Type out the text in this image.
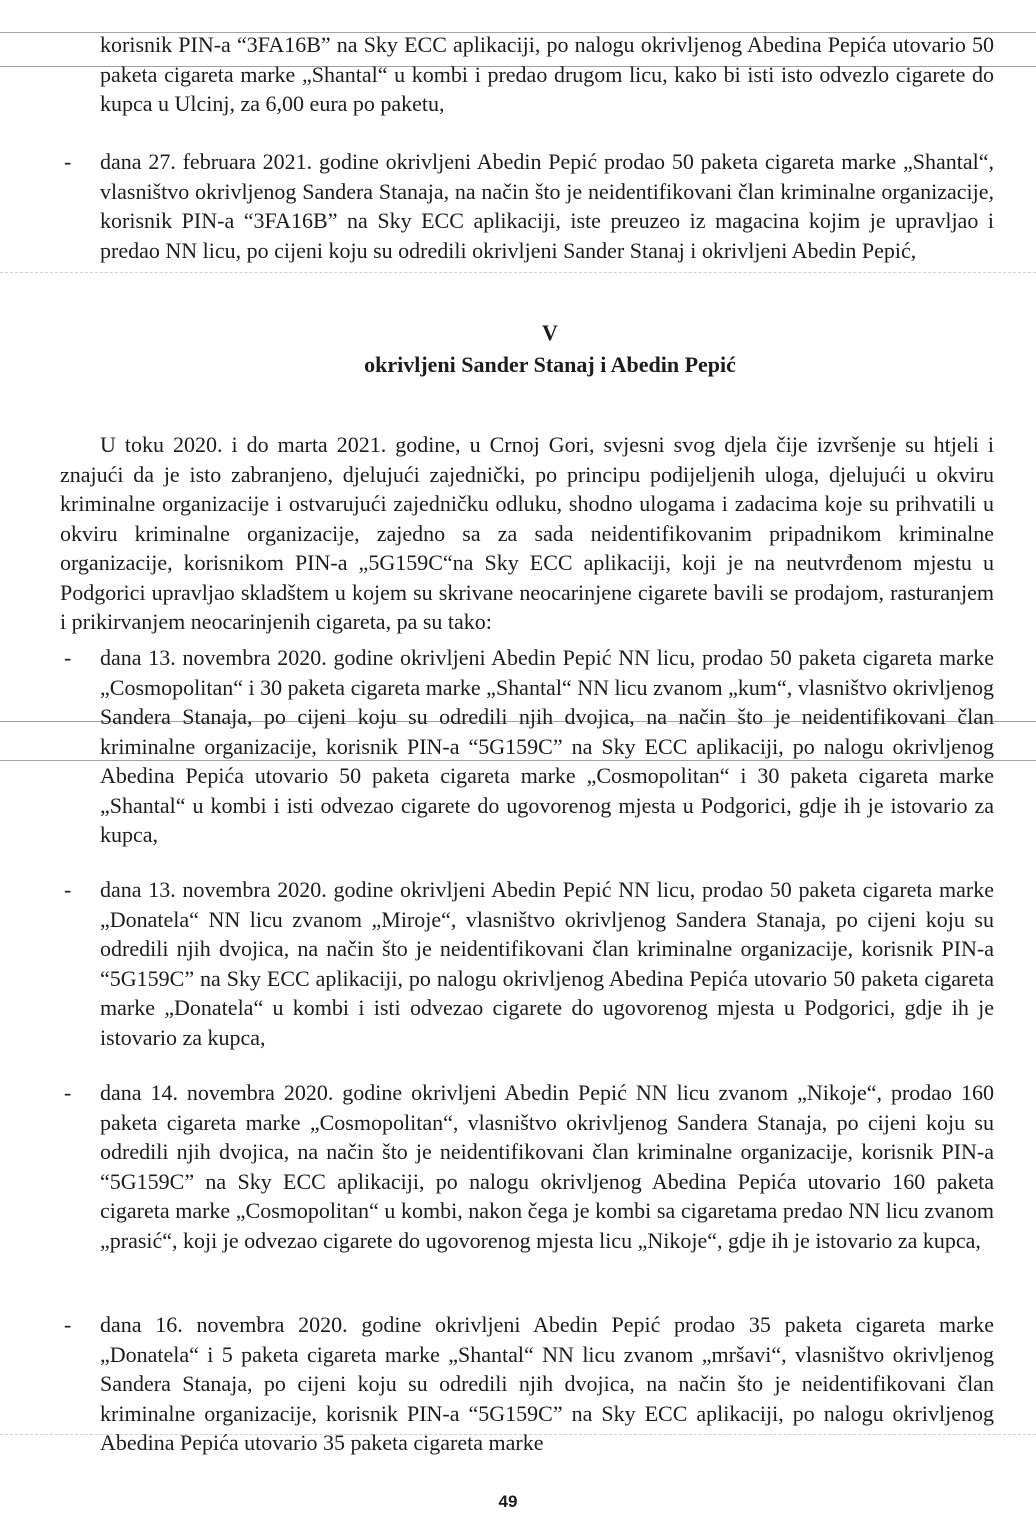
korisnik PIN-a “3FA16B” na Sky ECC aplikaciji, po nalogu okrivljenog Abedina Pepića utovario 50 paketa cigareta marke „Shantal“ u kombi i predao drugom licu, kako bi isti isto odvezlo cigarete do kupca u Ulcinj, za 6,00 eura po paketu,

- dana 27. februara 2021. godine okrivljeni Abedin Pepić prodao 50 paketa cigareta marke „Shantal“, vlasništvo okrivljenog Sandera Stanaja, na način što je neidentifikovani član kriminalne organizacije, korisnik PIN-a “3FA16B” na Sky ECC aplikaciji, iste preuzeo iz magacina kojim je upravljao i predao NN licu, po cijeni koju su odredili okrivljeni Sander Stanaj i okrivljeni Abedin Pepić,

V
okrivljeni Sander Stanaj i Abedin Pepić

U toku 2020. i do marta 2021. godine, u Crnoj Gori, svjesni svog djela čije izvršenje su htjeli i znajući da je isto zabranjeno, djelujući zajednički, po principu podijeljenih uloga, djelujući u okviru kriminalne organizacije i ostvarujući zajedničku odluku, shodno ulogama i zadacima koje su prihvatili u okviru kriminalne organizacije, zajedno sa za sada neidentifikovanim pripadnikom kriminalne organizacije, korisnikom PIN-a „5G159C“na Sky ECC aplikaciji, koji je na neutvrđenom mjestu u Podgorici upravljao skladštem u kojem su skrivane neocarinjene cigarete bavili se prodajom, rasturanjem i prikirvanjem neocarinjenih cigareta, pa su tako:

- dana 13. novembra 2020. godine okrivljeni Abedin Pepić NN licu, prodao 50 paketa cigareta marke „Cosmopolitan“ i 30 paketa cigareta marke „Shantal“ NN licu zvanom „kum“, vlasništvo okrivljenog Sandera Stanaja, po cijeni koju su odredili njih dvojica, na način što je neidentifikovani član kriminalne organizacije, korisnik PIN-a “5G159C” na Sky ECC aplikaciji, po nalogu okrivljenog Abedina Pepića utovario 50 paketa cigareta marke „Cosmopolitan“ i 30 paketa cigareta marke „Shantal“ u kombi i isti odvezao cigarete do ugovorenog mjesta u Podgorici, gdje ih je istovario za kupca,

- dana 13. novembra 2020. godine okrivljeni Abedin Pepić NN licu, prodao 50 paketa cigareta marke „Donatela“ NN licu zvanom „Miroje“, vlasništvo okrivljenog Sandera Stanaja, po cijeni koju su odredili njih dvojica, na način što je neidentifikovani član kriminalne organizacije, korisnik PIN-a “5G159C” na Sky ECC aplikaciji, po nalogu okrivljenog Abedina Pepića utovario 50 paketa cigareta marke „Donatela“ u kombi i isti odvezao cigarete do ugovorenog mjesta u Podgorici, gdje ih je istovario za kupca,

- dana 14. novembra 2020. godine okrivljeni Abedin Pepić NN licu zvanom „Nikoje“, prodao 160 paketa cigareta marke „Cosmopolitan“, vlasništvo okrivljenog Sandera Stanaja, po cijeni koju su odredili njih dvojica, na način što je neidentifikovani član kriminalne organizacije, korisnik PIN-a “5G159C” na Sky ECC aplikaciji, po nalogu okrivljenog Abedina Pepića utovario 160 paketa cigareta marke „Cosmopolitan“ u kombi, nakon čega je kombi sa cigaretama predao NN licu zvanom „prasić“, koji je odvezao cigarete do ugovorenog mjesta licu „Nikoje“, gdje ih je istovario za kupca,

- dana 16. novembra 2020. godine okrivljeni Abedin Pepić prodao 35 paketa cigareta marke „Donatela“ i 5 paketa cigareta marke „Shantal“ NN licu zvanom „mršavi“, vlasništvo okrivljenog Sandera Stanaja, po cijeni koju su odredili njih dvojica, na način što je neidentifikovani član kriminalne organizacije, korisnik PIN-a “5G159C” na Sky ECC aplikaciji, po nalogu okrivljenog Abedina Pepića utovario 35 paketa cigareta marke

49
